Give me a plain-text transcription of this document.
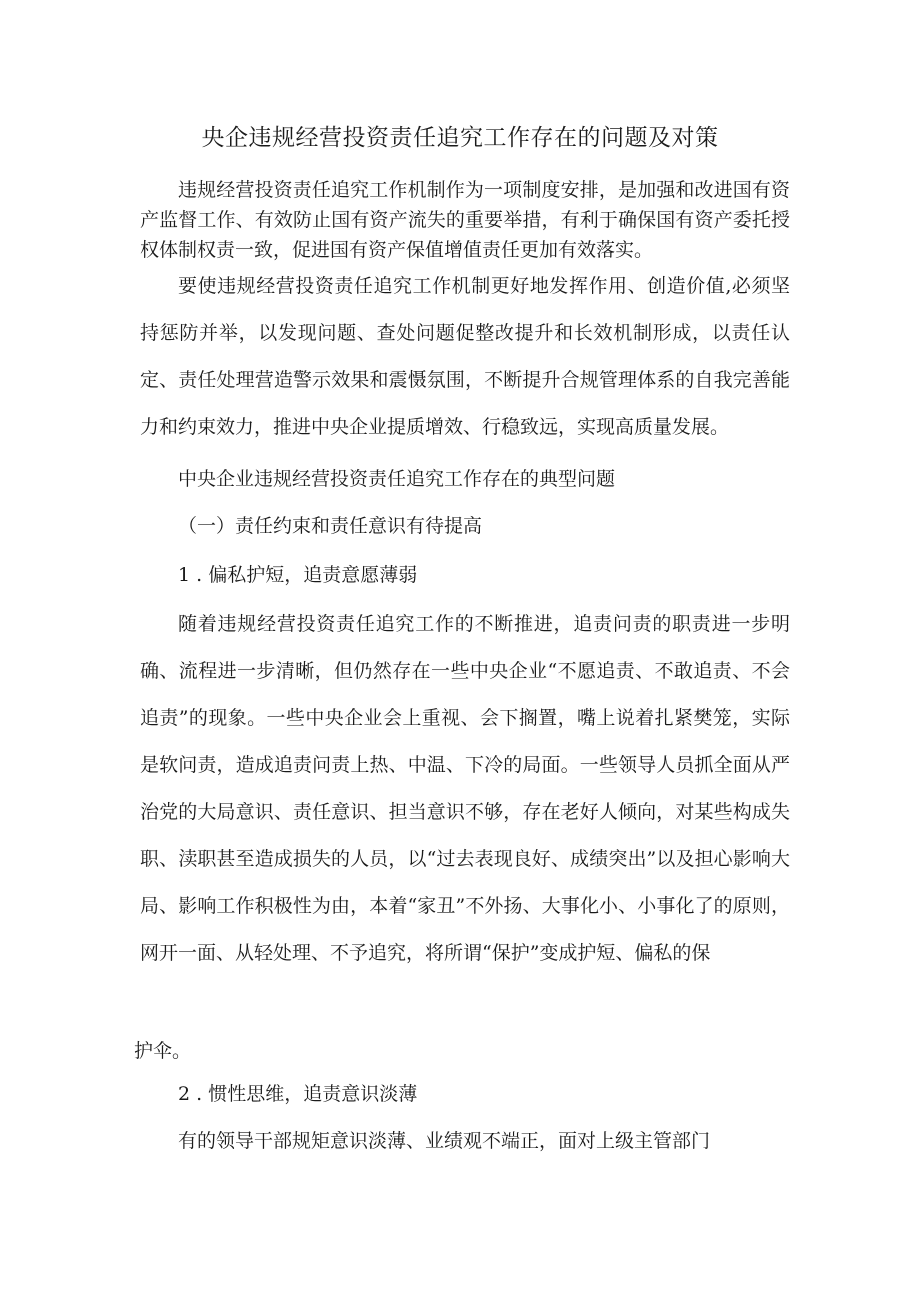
央企违规经营投资责任追究工作存在的问题及对策

违规经营投资责任追究工作机制作为一项制度安排，是加强和改进国有资产监督工作、有效防止国有资产流失的重要举措，有利于确保国有资产委托授权体制权责一致，促进国有资产保值增值责任更加有效落实。

要使违规经营投资责任追究工作机制更好地发挥作用、创造价值,必须坚持惩防并举，以发现问题、查处问题促整改提升和长效机制形成，以责任认定、责任处理营造警示效果和震慑氛围，不断提升合规管理体系的自我完善能力和约束效力，推进中央企业提质增效、行稳致远，实现高质量发展。

中央企业违规经营投资责任追究工作存在的典型问题
（一）责任约束和责任意识有待提高
1 . 偏私护短，追责意愿薄弱

随着违规经营投资责任追究工作的不断推进，追责问责的职责进一步明确、流程进一步清晰，但仍然存在一些中央企业“不愿追责、不敢追责、不会追责”的现象。一些中央企业会上重视、会下搁置，嘴上说着扎紧樊笼，实际是软问责，造成追责问责上热、中温、下冷的局面。一些领导人员抓全面从严治党的大局意识、责任意识、担当意识不够，存在老好人倾向，对某些构成失职、渎职甚至造成损失的人员，以“过去表现良好、成绩突出”以及担心影响大局、影响工作积极性为由，本着“家丑”不外扬、大事化小、小事化了的原则，网开一面、从轻处理、不予追究，将所谓“保护”变成护短、偏私的保

护伞。
2 . 惯性思维，追责意识淡薄
有的领导干部规矩意识淡薄、业绩观不端正，面对上级主管部门
